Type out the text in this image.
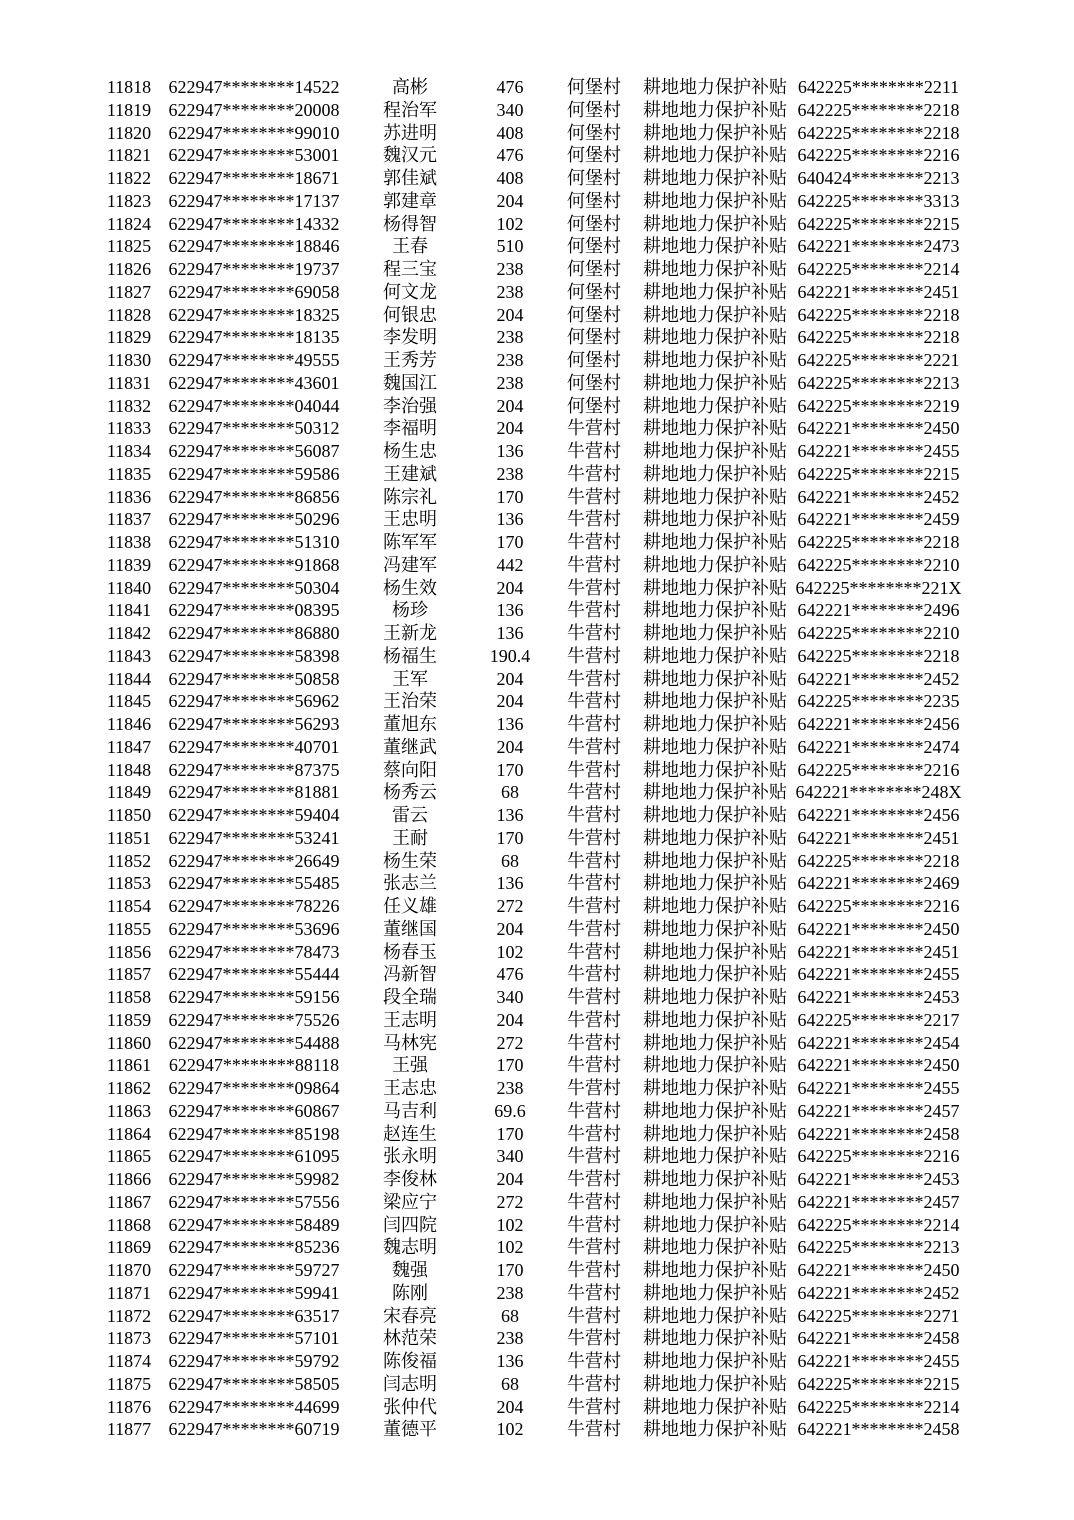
11818 622947********14522	高彬	476	何堡村	耕地地力保护补贴 642225********2211
11819 622947********20008	程治军	340	何堡村	耕地地力保护补贴 642225********2218
11820 622947********99010	苏进明	408	何堡村	耕地地力保护补贴 642225********2218
11821 622947********53001	魏汉元	476	何堡村	耕地地力保护补贴 642225********2216
11822 622947********18671	郭佳斌	408	何堡村	耕地地力保护补贴 640424********2213
11823 622947********17137	郭建章	204	何堡村	耕地地力保护补贴 642225********3313
11824 622947********14332	杨得智	102	何堡村	耕地地力保护补贴 642225********2215
11825 622947********18846	王春	510	何堡村	耕地地力保护补贴 642221********2473
11826 622947********19737	程三宝	238	何堡村	耕地地力保护补贴 642225********2214
11827 622947********69058	何文龙	238	何堡村	耕地地力保护补贴 642221********2451
11828 622947********18325	何银忠	204	何堡村	耕地地力保护补贴 642225********2218
11829 622947********18135	李发明	238	何堡村	耕地地力保护补贴 642225********2218
11830 622947********49555	王秀芳	238	何堡村	耕地地力保护补贴 642225********2221
11831 622947********43601	魏国江	238	何堡村	耕地地力保护补贴 642225********2213
11832 622947********04044	李治强	204	何堡村	耕地地力保护补贴 642225********2219
11833 622947********50312	李福明	204	牛营村	耕地地力保护补贴 642221********2450
11834 622947********56087	杨生忠	136	牛营村	耕地地力保护补贴 642221********2455
11835 622947********59586	王建斌	238	牛营村	耕地地力保护补贴 642225********2215
11836 622947********86856	陈宗礼	170	牛营村	耕地地力保护补贴 642221********2452
11837 622947********50296	王忠明	136	牛营村	耕地地力保护补贴 642221********2459
11838 622947********51310	陈军军	170	牛营村	耕地地力保护补贴 642225********2218
11839 622947********91868	冯建军	442	牛营村	耕地地力保护补贴 642225********2210
11840 622947********50304	杨生效	204	牛营村	耕地地力保护补贴 642225********221X
11841 622947********08395	杨珍	136	牛营村	耕地地力保护补贴 642221********2496
11842 622947********86880	王新龙	136	牛营村	耕地地力保护补贴 642225********2210
11843 622947********58398	杨福生	190.4	牛营村	耕地地力保护补贴 642225********2218
11844 622947********50858	王军	204	牛营村	耕地地力保护补贴 642221********2452
11845 622947********56962	王治荣	204	牛营村	耕地地力保护补贴 642225********2235
11846 622947********56293	董旭东	136	牛营村	耕地地力保护补贴 642221********2456
11847 622947********40701	董继武	204	牛营村	耕地地力保护补贴 642221********2474
11848 622947********87375	蔡向阳	170	牛营村	耕地地力保护补贴 642225********2216
11849 622947********81881	杨秀云	68	牛营村	耕地地力保护补贴 642221********248X
11850 622947********59404	雷云	136	牛营村	耕地地力保护补贴 642221********2456
11851 622947********53241	王耐	170	牛营村	耕地地力保护补贴 642221********2451
11852 622947********26649	杨生荣	68	牛营村	耕地地力保护补贴 642225********2218
11853 622947********55485	张志兰	136	牛营村	耕地地力保护补贴 642221********2469
11854 622947********78226	任义雄	272	牛营村	耕地地力保护补贴 642225********2216
11855 622947********53696	董继国	204	牛营村	耕地地力保护补贴 642221********2450
11856 622947********78473	杨春玉	102	牛营村	耕地地力保护补贴 642221********2451
11857 622947********55444	冯新智	476	牛营村	耕地地力保护补贴 642221********2455
11858 622947********59156	段全瑞	340	牛营村	耕地地力保护补贴 642221********2453
11859 622947********75526	王志明	204	牛营村	耕地地力保护补贴 642225********2217
11860 622947********54488	马林宪	272	牛营村	耕地地力保护补贴 642221********2454
11861 622947********88118	王强	170	牛营村	耕地地力保护补贴 642221********2450
11862 622947********09864	王志忠	238	牛营村	耕地地力保护补贴 642221********2455
11863 622947********60867	马吉利	69.6	牛营村	耕地地力保护补贴 642221********2457
11864 622947********85198	赵连生	170	牛营村	耕地地力保护补贴 642221********2458
11865 622947********61095	张永明	340	牛营村	耕地地力保护补贴 642225********2216
11866 622947********59982	李俊林	204	牛营村	耕地地力保护补贴 642221********2453
11867 622947********57556	梁应宁	272	牛营村	耕地地力保护补贴 642221********2457
11868 622947********58489	闫四院	102	牛营村	耕地地力保护补贴 642225********2214
11869 622947********85236	魏志明	102	牛营村	耕地地力保护补贴 642225********2213
11870 622947********59727	魏强	170	牛营村	耕地地力保护补贴 642221********2450
11871 622947********59941	陈刚	238	牛营村	耕地地力保护补贴 642221********2452
11872 622947********63517	宋春亮	68	牛营村	耕地地力保护补贴 642225********2271
11873 622947********57101	林范荣	238	牛营村	耕地地力保护补贴 642221********2458
11874 622947********59792	陈俊福	136	牛营村	耕地地力保护补贴 642221********2455
11875 622947********58505	闫志明	68	牛营村	耕地地力保护补贴 642225********2215
11876 622947********44699	张仲代	204	牛营村	耕地地力保护补贴 642225********2214
11877 622947********60719	董德平	102	牛营村	耕地地力保护补贴 642221********2458
